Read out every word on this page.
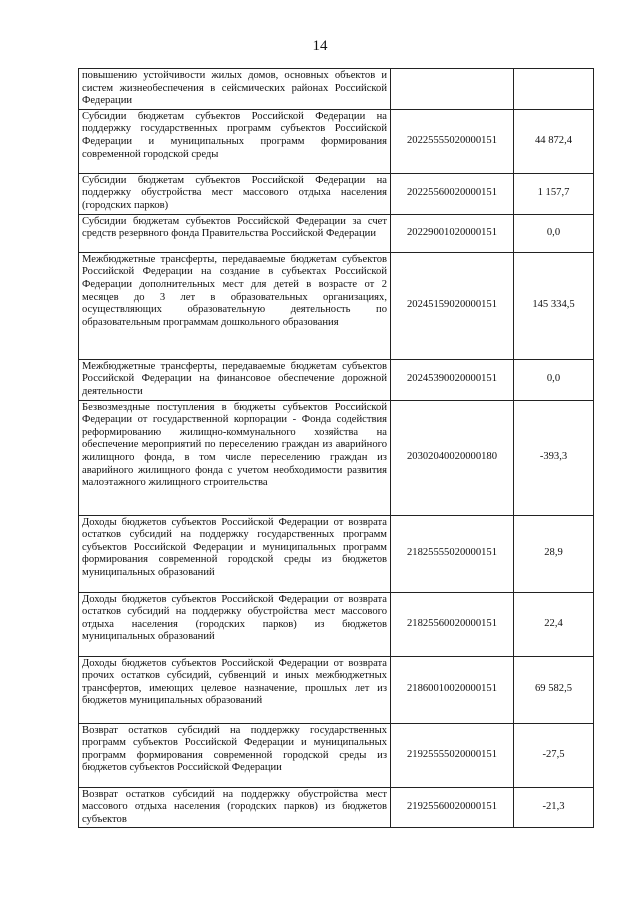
14
повышению устойчивости жилых домов, основных объектов и систем жизнеобеспечения в сейсмических районах Российской Федерации		
Субсидии бюджетам субъектов Российской Федерации на поддержку государственных программ субъектов Российской Федерации и муниципальных программ формирования современной городской среды	20225555020000151	44 872,4
Субсидии бюджетам субъектов Российской Федерации на поддержку обустройства мест массового отдыха населения (городских парков)	20225560020000151	1 157,7
Субсидии бюджетам субъектов Российской Федерации за счет средств резервного фонда Правительства Российской Федерации	20229001020000151	0,0
Межбюджетные трансферты, передаваемые бюджетам субъектов Российской Федерации на создание в субъектах Российской Федерации дополнительных мест для детей в возрасте от 2 месяцев до 3 лет в образовательных организациях, осуществляющих образовательную деятельность по образовательным программам дошкольного образования	20245159020000151	145 334,5
Межбюджетные трансферты, передаваемые бюджетам субъектов Российской Федерации на финансовое обеспечение дорожной деятельности	20245390020000151	0,0
Безвозмездные поступления в бюджеты субъектов Российской Федерации от государственной корпорации - Фонда содействия реформированию жилищно-коммунального хозяйства на обеспечение мероприятий по переселению граждан из аварийного жилищного фонда, в том числе переселению граждан из аварийного жилищного фонда с учетом необходимости развития малоэтажного жилищного строительства	20302040020000180	-393,3
Доходы бюджетов субъектов Российской Федерации от возврата остатков субсидий на поддержку государственных программ субъектов Российской Федерации и муниципальных программ формирования современной городской среды из бюджетов муниципальных образований	21825555020000151	28,9
Доходы бюджетов субъектов Российской Федерации от возврата остатков субсидий на поддержку обустройства мест массового отдыха населения (городских парков) из бюджетов муниципальных образований	21825560020000151	22,4
Доходы бюджетов субъектов Российской Федерации от возврата прочих остатков субсидий, субвенций и иных межбюджетных трансфертов, имеющих целевое назначение, прошлых лет из бюджетов муниципальных образований	21860010020000151	69 582,5
Возврат остатков субсидий на поддержку государственных программ субъектов Российской Федерации и муниципальных программ формирования современной городской среды из бюджетов субъектов Российской Федерации	21925555020000151	-27,5
Возврат остатков субсидий на поддержку обустройства мест массового отдыха населения (городских парков) из бюджетов субъектов	21925560020000151	-21,3
